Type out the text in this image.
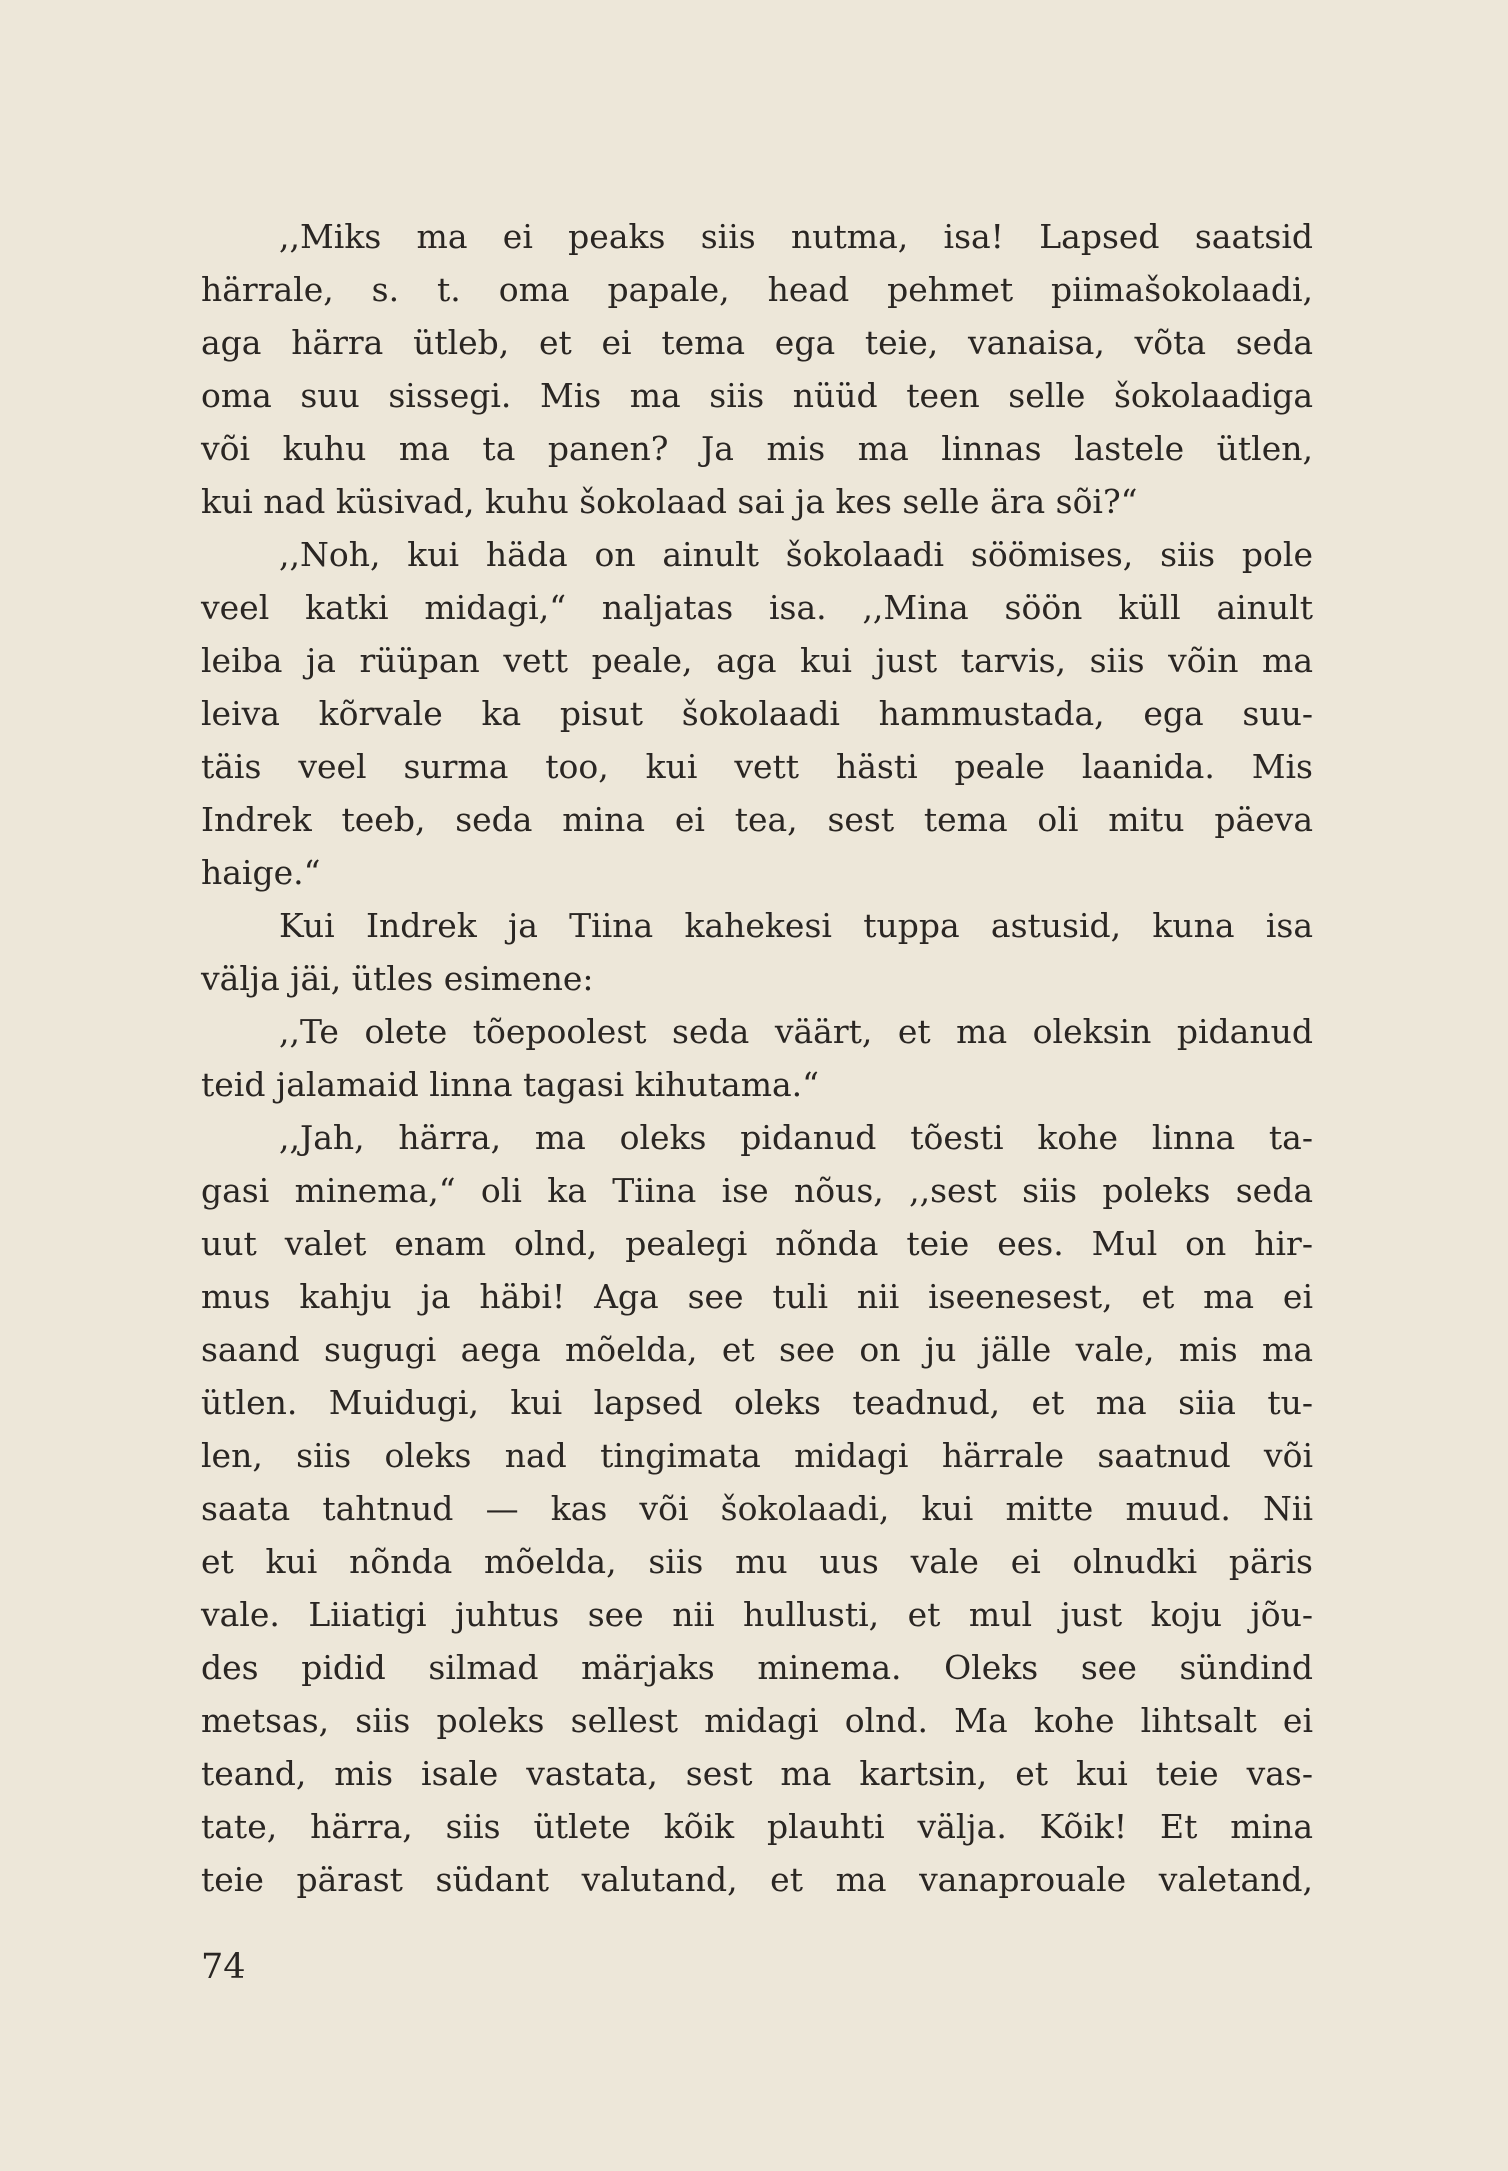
,,Miks ma ei peaks siis nutma, isa! Lapsed saatsid
härrale, s. t. oma papale, head pehmet piimašokolaadi,
aga härra ütleb, et ei tema ega teie, vanaisa, võta seda
oma suu sissegi. Mis ma siis nüüd teen selle šokolaadiga
või kuhu ma ta panen? Ja mis ma linnas lastele ütlen,
kui nad küsivad, kuhu šokolaad sai ja kes selle ära sõi?“
,,Noh, kui häda on ainult šokolaadi söömises, siis pole
veel katki midagi,“ naljatas isa. ,,Mina söön küll ainult
leiba ja rüüpan vett peale, aga kui just tarvis, siis võin ma
leiva kõrvale ka pisut šokolaadi hammustada, ega suu-
täis veel surma too, kui vett hästi peale laanida. Mis
Indrek teeb, seda mina ei tea, sest tema oli mitu päeva
haige.“
Kui Indrek ja Tiina kahekesi tuppa astusid, kuna isa
välja jäi, ütles esimene:
,,Te olete tõepoolest seda väärt, et ma oleksin pidanud
teid jalamaid linna tagasi kihutama.“
,,Jah, härra, ma oleks pidanud tõesti kohe linna ta-
gasi minema,“ oli ka Tiina ise nõus, ,,sest siis poleks seda
uut valet enam olnd, pealegi nõnda teie ees. Mul on hir-
mus kahju ja häbi! Aga see tuli nii iseenesest, et ma ei
saand sugugi aega mõelda, et see on ju jälle vale, mis ma
ütlen. Muidugi, kui lapsed oleks teadnud, et ma siia tu-
len, siis oleks nad tingimata midagi härrale saatnud või
saata tahtnud — kas või šokolaadi, kui mitte muud. Nii
et kui nõnda mõelda, siis mu uus vale ei olnudki päris
vale. Liiatigi juhtus see nii hullusti, et mul just koju jõu-
des pidid silmad märjaks minema. Oleks see sündind
metsas, siis poleks sellest midagi olnd. Ma kohe lihtsalt ei
teand, mis isale vastata, sest ma kartsin, et kui teie vas-
tate, härra, siis ütlete kõik plauhti välja. Kõik! Et mina
teie pärast südant valutand, et ma vanaprouale valetand,
74
